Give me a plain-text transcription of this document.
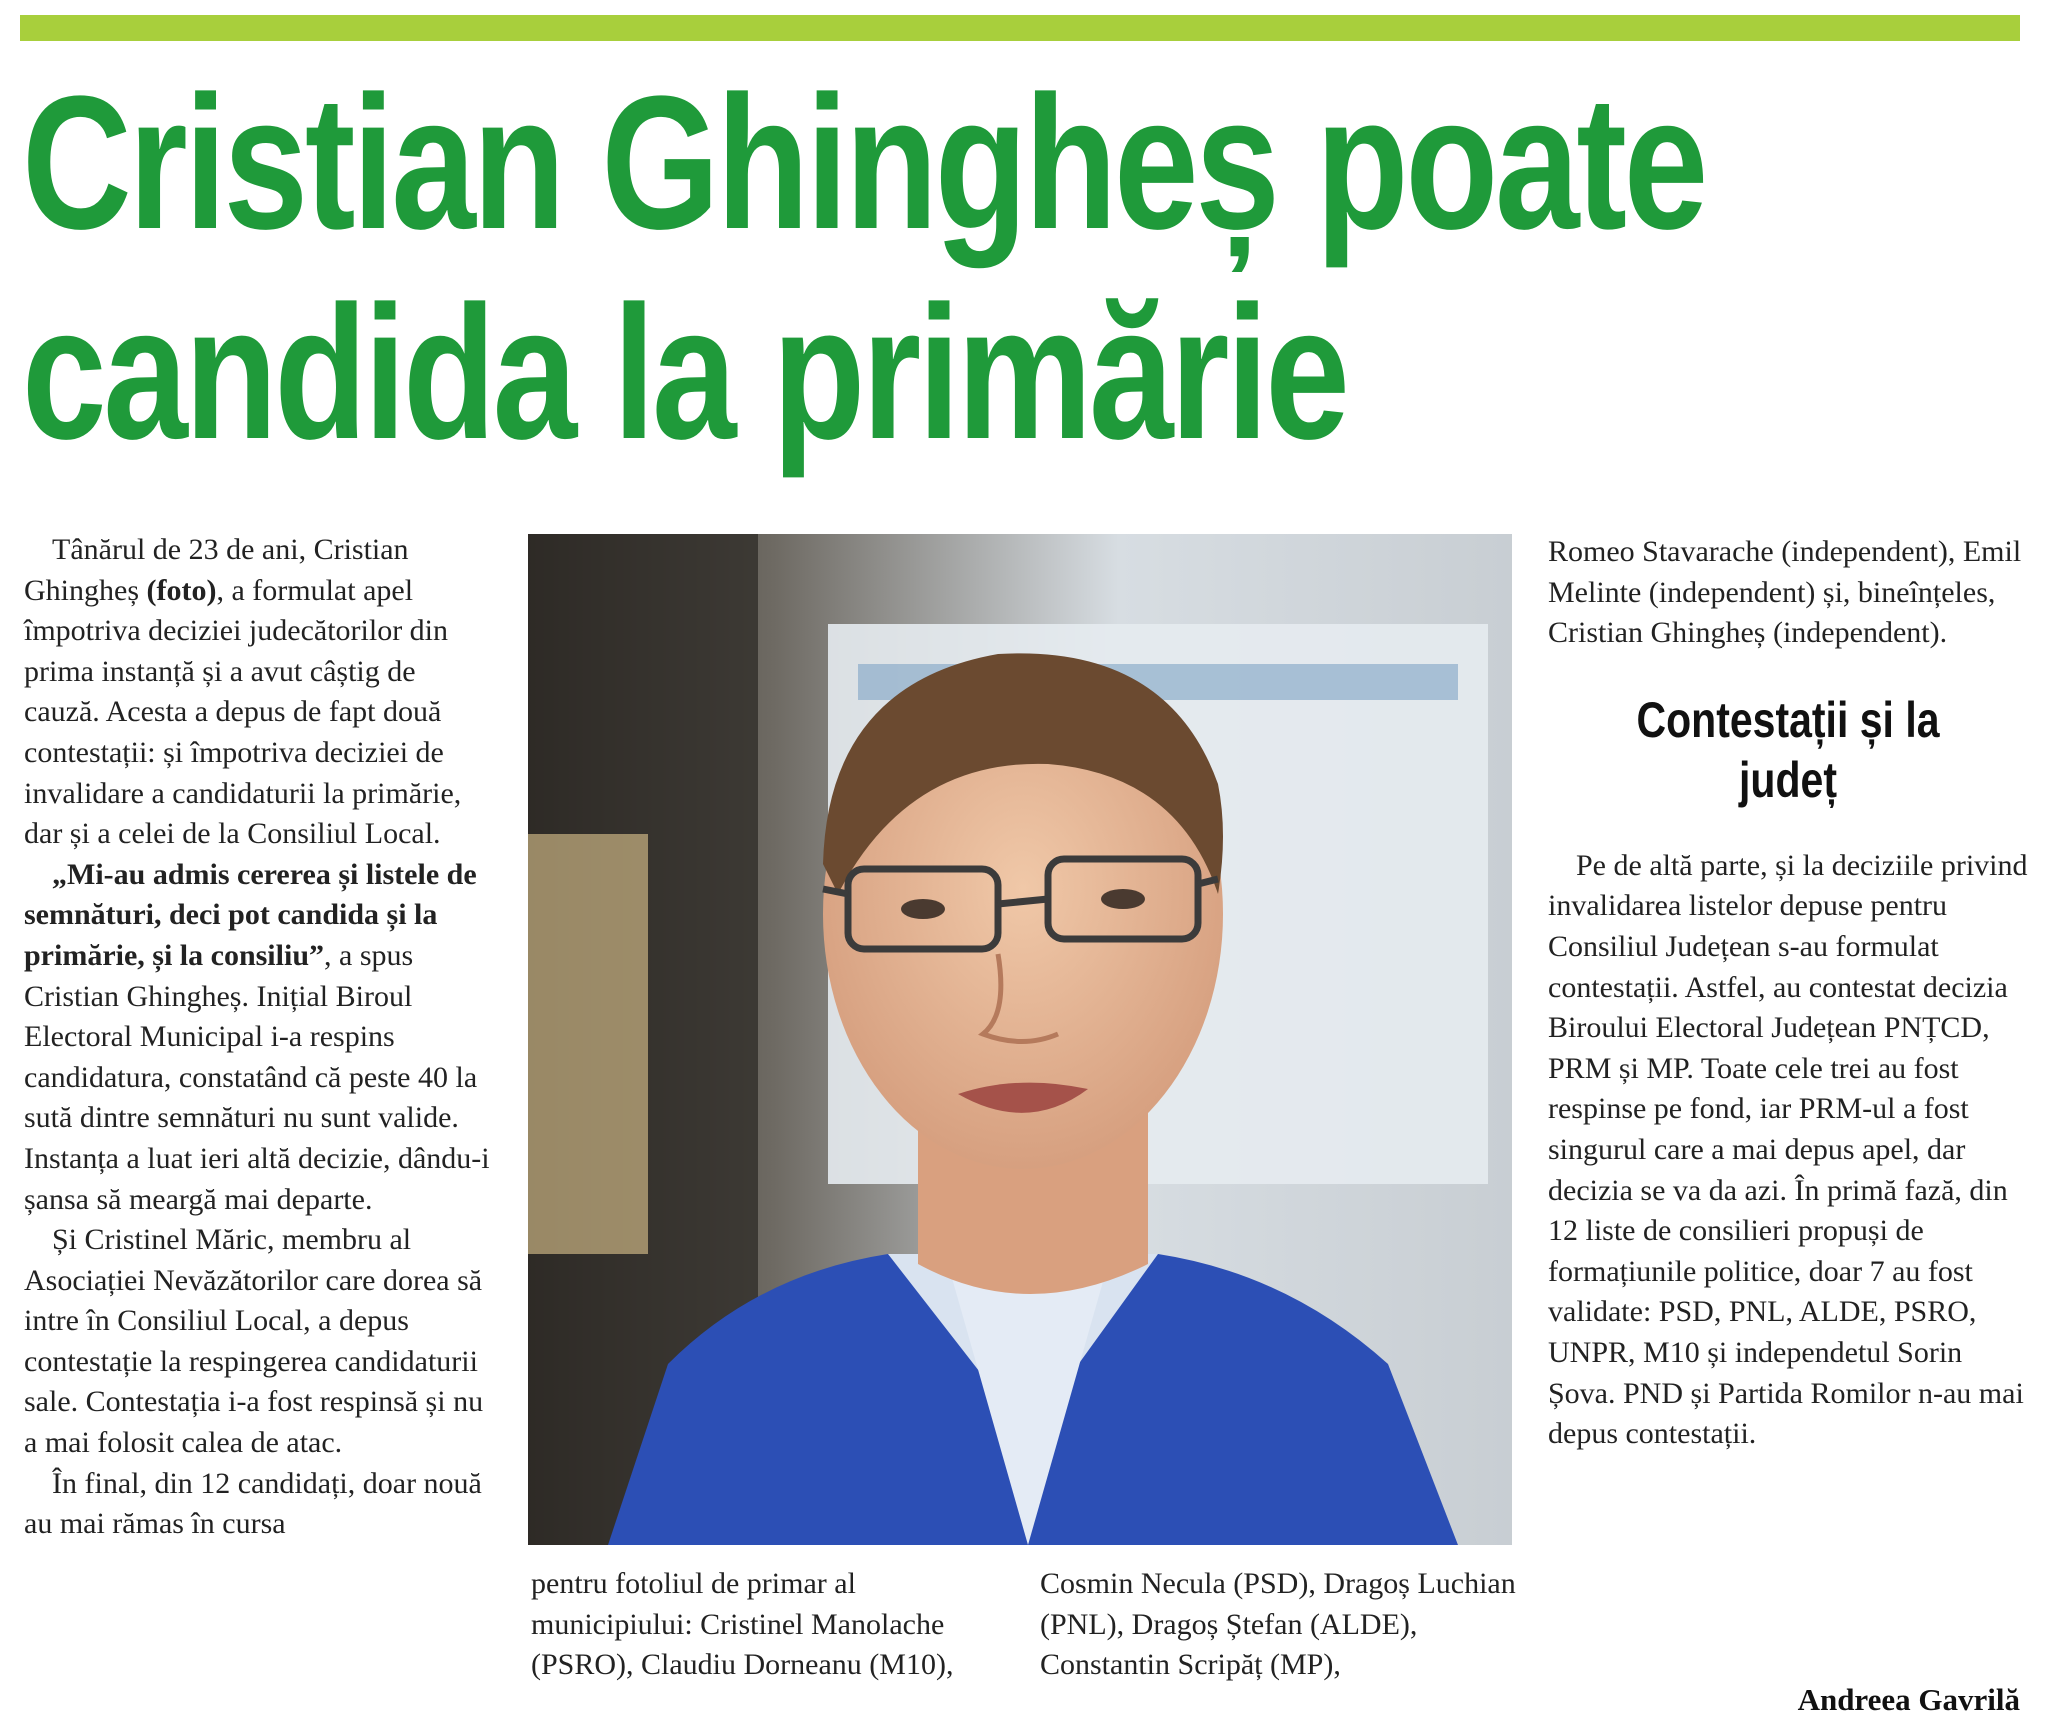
Cristian Ghingheș poate
candida la primărie

Tânărul de 23 de ani, Cristian Ghingheș (foto), a formulat apel împotriva deciziei judecătorilor din prima instanță și a avut câștig de cauză. Acesta a depus de fapt două contestații: și împotriva deciziei de invalidare a candidaturii la primărie, dar și a celei de la Consiliul Local.

„Mi-au admis cererea și listele de semnături, deci pot candida și la primărie, și la consiliu”, a spus Cristian Ghingheș. Inițial Biroul Electoral Municipal i-a respins candidatura, constatând că peste 40 la sută dintre semnături nu sunt valide. Instanța a luat ieri altă decizie, dându-i șansa să meargă mai departe.

Și Cristinel Măric, membru al Asociației Nevăzătorilor care dorea să intre în Consiliul Local, a depus contestație la respingerea candidaturii sale. Contestația i-a fost respinsă și nu a mai folosit calea de atac.

În final, din 12 candidați, doar nouă au mai rămas în cursa

pentru fotoliul de primar al municipiului: Cristinel Manolache (PSRO), Claudiu Dorneanu (M10),

Cosmin Necula (PSD), Dragoș Luchian (PNL), Dragoș Ștefan (ALDE), Constantin Scripăț (MP),

Romeo Stavarache (independent), Emil Melinte (independent) și, bineînțeles, Cristian Ghingheș (independent).

Contestații și la județ

Pe de altă parte, și la deciziile privind invalidarea listelor depuse pentru Consiliul Județean s-au formulat contestații. Astfel, au contestat decizia Biroului Electoral Județean PNȚCD, PRM și MP. Toate cele trei au fost respinse pe fond, iar PRM-ul a fost singurul care a mai depus apel, dar decizia se va da azi. În primă fază, din 12 liste de consilieri propuși de formațiunile politice, doar 7 au fost validate: PSD, PNL, ALDE, PSRO, UNPR, M10 și independetul Sorin Șova. PND și Partida Romilor n-au mai depus contestații.

Andreea Gavrilă
